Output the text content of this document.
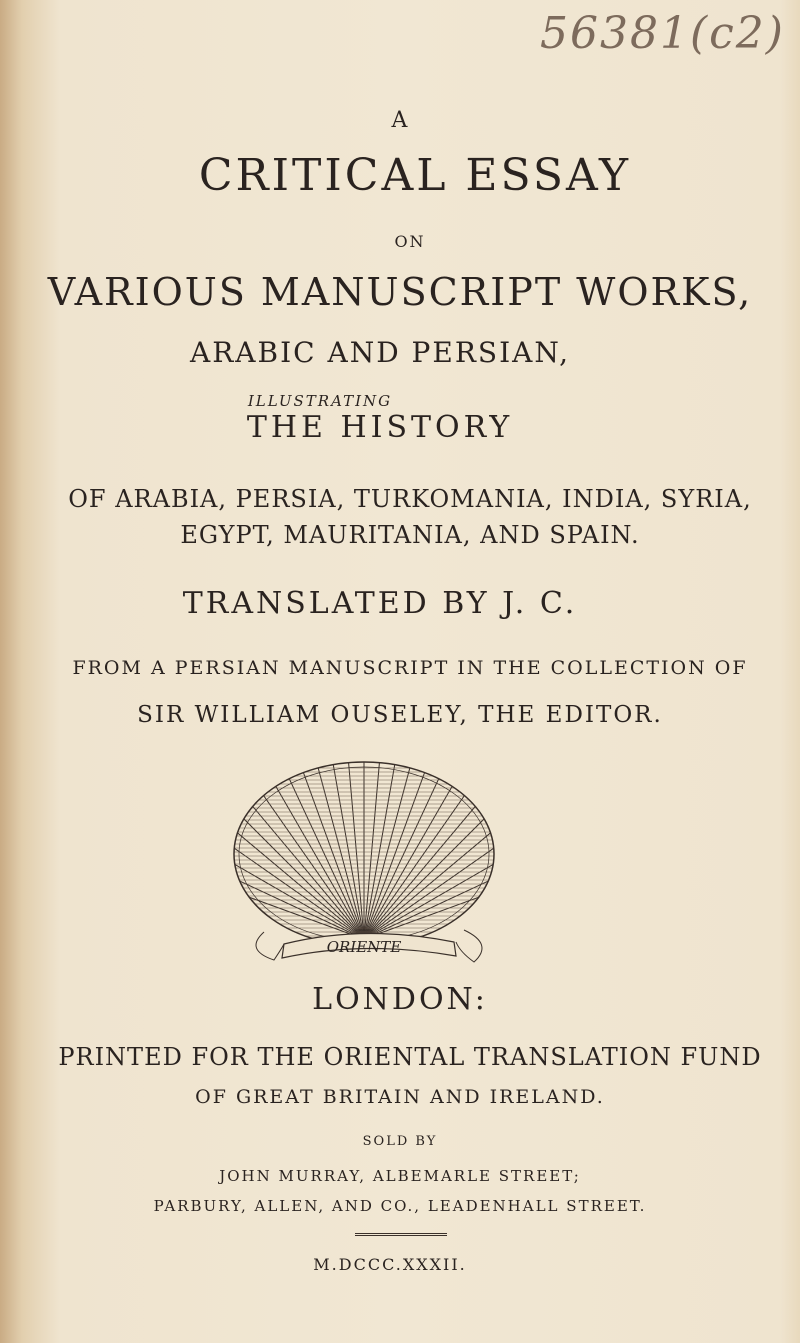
56381(c2)
A
CRITICAL ESSAY
ON
VARIOUS MANUSCRIPT WORKS,
ARABIC AND PERSIAN,
ILLUSTRATING
THE HISTORY
OF ARABIA, PERSIA, TURKOMANIA, INDIA, SYRIA,
EGYPT, MAURITANIA, AND SPAIN.
TRANSLATED BY J. C.
FROM A PERSIAN MANUSCRIPT IN THE COLLECTION OF
SIR WILLIAM OUSELEY, THE EDITOR.
ORIENTE
LONDON:
PRINTED FOR THE ORIENTAL TRANSLATION FUND
OF GREAT BRITAIN AND IRELAND.
SOLD BY
JOHN MURRAY, ALBEMARLE STREET;
PARBURY, ALLEN, AND CO., LEADENHALL STREET.
M.DCCC.XXXII.
